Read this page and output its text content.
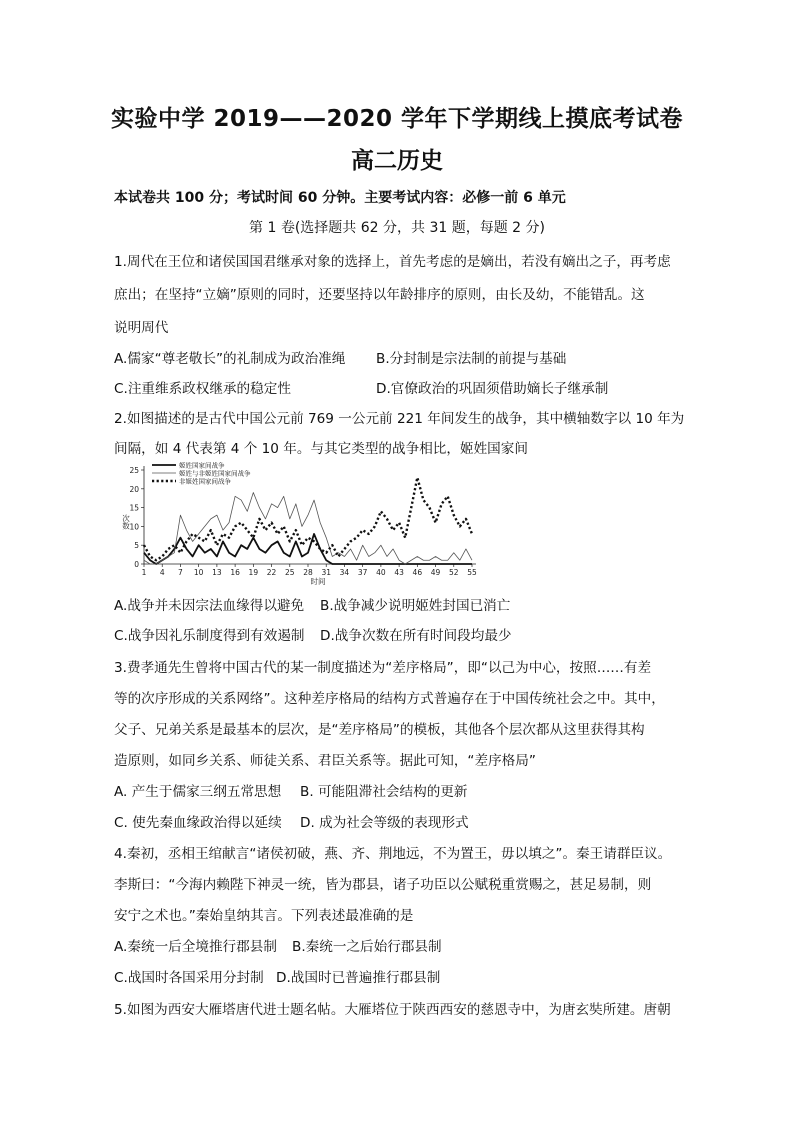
实验中学 2019——2020 学年下学期线上摸底考试卷
高二历史
本试卷共 100 分；考试时间 60 分钟。主要考试内容：必修一前 6 单元
第 1 卷(选择题共 62 分，共 31 题，每题 2 分)
1.周代在王位和诸侯国国君继承对象的选择上，首先考虑的是嫡出，若没有嫡出之子，再考虑
庶出；在坚持“立嫡”原则的同时，还要坚持以年龄排序的原则，由长及幼，不能错乱。这
说明周代
A.儒家“尊老敬长”的礼制成为政治准绳 B.分封制是宗法制的前提与基础
C.注重维系政权继承的稳定性	D.官僚政治的巩固须借助嫡长子继承制
2.如图描述的是古代中国公元前 769 一公元前 221 年间发生的战争，其中横轴数字以 10 年为
间隔，如 4 代表第 4 个 10 年。与其它类型的战争相比，姬姓国家间
0
5
10
15
20
25
1 4 7 10 13 16 19 22 25 28 31 34 37 40 43 46 49 52 55
次数
时间
姬姓国家间战争
姬姓与非姬姓国家间战争
非姬姓国家间战争
A.战争并未因宗法血缘得以避免 B.战争减少说明姬姓封国已消亡
C.战争因礼乐制度得到有效遏制 D.战争次数在所有时间段均最少
3.费孝通先生曾将中国古代的某一制度描述为“差序格局”，即“以己为中心，按照……有差
等的次序形成的关系网络”。这种差序格局的结构方式普遍存在于中国传统社会之中。其中，
父子、兄弟关系是最基本的层次，是“差序格局”的模板，其他各个层次都从这里获得其构
造原则，如同乡关系、师徒关系、君臣关系等。据此可知，“差序格局”
A. 产生于儒家三纲五常思想 B. 可能阻滞社会结构的更新
C. 使先秦血缘政治得以延续 D. 成为社会等级的表现形式
4.秦初，丞相王绾献言“诸侯初破，燕、齐、荆地远，不为置王，毋以填之”。秦王请群臣议。
李斯曰：“今海内赖陛下神灵一统，皆为郡县，诸子功臣以公赋税重赏赐之，甚足易制，则
安宁之术也。”秦始皇纳其言。下列表述最准确的是
A.秦统一后全境推行郡县制 B.秦统一之后始行郡县制
C.战国时各国采用分封制 D.战国时已普遍推行郡县制
5.如图为西安大雁塔唐代进士题名帖。大雁塔位于陕西西安的慈恩寺中，为唐玄奘所建。唐朝
